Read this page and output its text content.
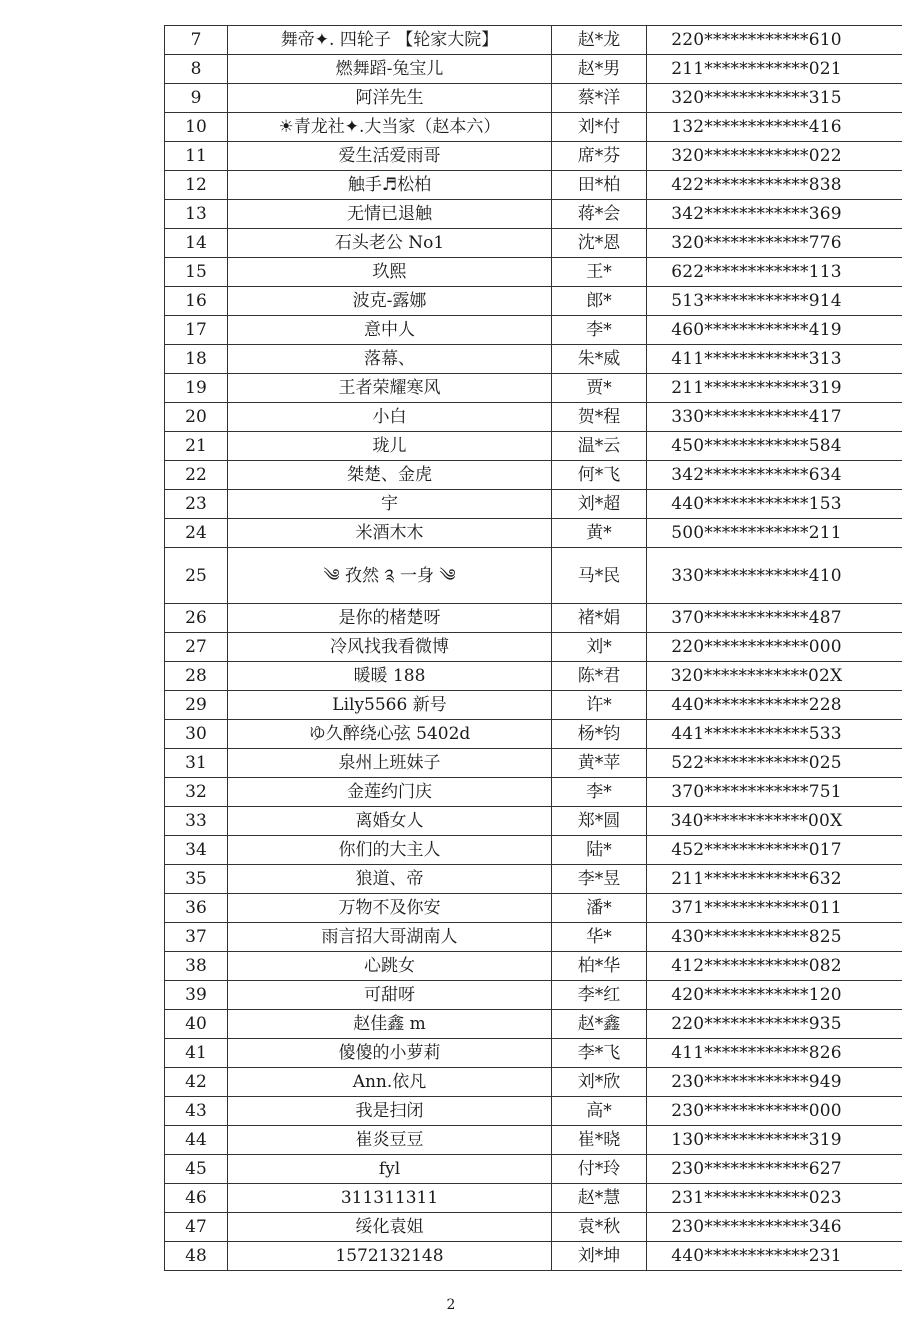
7	舞帝✦. 四轮子 【轮家大院】	赵*龙	220************610
8	燃舞蹈-兔宝儿	赵*男	211************021
9	阿洋先生	蔡*洋	320************315
10	☀青龙社✦.大当家（赵本六）	刘*付	132************416
11	爱生活爱雨哥	席*芬	320************022
12	触手♬松柏	田*柏	422************838
13	无情已退触	蒋*会	342************369
14	石头老公 No1	沈*恩	320************776
15	玖熙	王*	622************113
16	波克-露娜	郎*	513************914
17	意中人	李*	460************419
18	落幕、	朱*威	411************313
19	王者荣耀寒风	贾*	211************319
20	小白	贺*程	330************417
21	珑儿	温*云	450************584
22	桀楚、金虎	何*飞	342************634
23	宇	刘*超	440************153
24	米酒木木	黄*	500************211
25	༄ 孜然 ༉ 一身 ༄	马*民	330************410
26	是你的楮楚呀	褚*娟	370************487
27	冷风找我看微博	刘*	220************000
28	暖暖 188	陈*君	320************02X
29	Lily5566 新号	许*	440************228
30	ゆ久醉绕心弦 5402d	杨*钧	441************533
31	泉州上班妹子	黄*苹	522************025
32	金莲约门庆	李*	370************751
33	离婚女人	郑*圆	340************00X
34	你们的大主人	陆*	452************017
35	狼道、帝	李*昱	211************632
36	万物不及你安	潘*	371************011
37	雨言招大哥湖南人	华*	430************825
38	心跳女	柏*华	412************082
39	可甜呀	李*红	420************120
40	赵佳鑫 m	赵*鑫	220************935
41	傻傻的小萝莉	李*飞	411************826
42	Ann.依凡	刘*欣	230************949
43	我是扫闭	高*	230************000
44	崔炎豆豆	崔*晓	130************319
45	fyl	付*玲	230************627
46	311311311	赵*慧	231************023
47	绥化袁姐	袁*秋	230************346
48	1572132148	刘*坤	440************231
2
